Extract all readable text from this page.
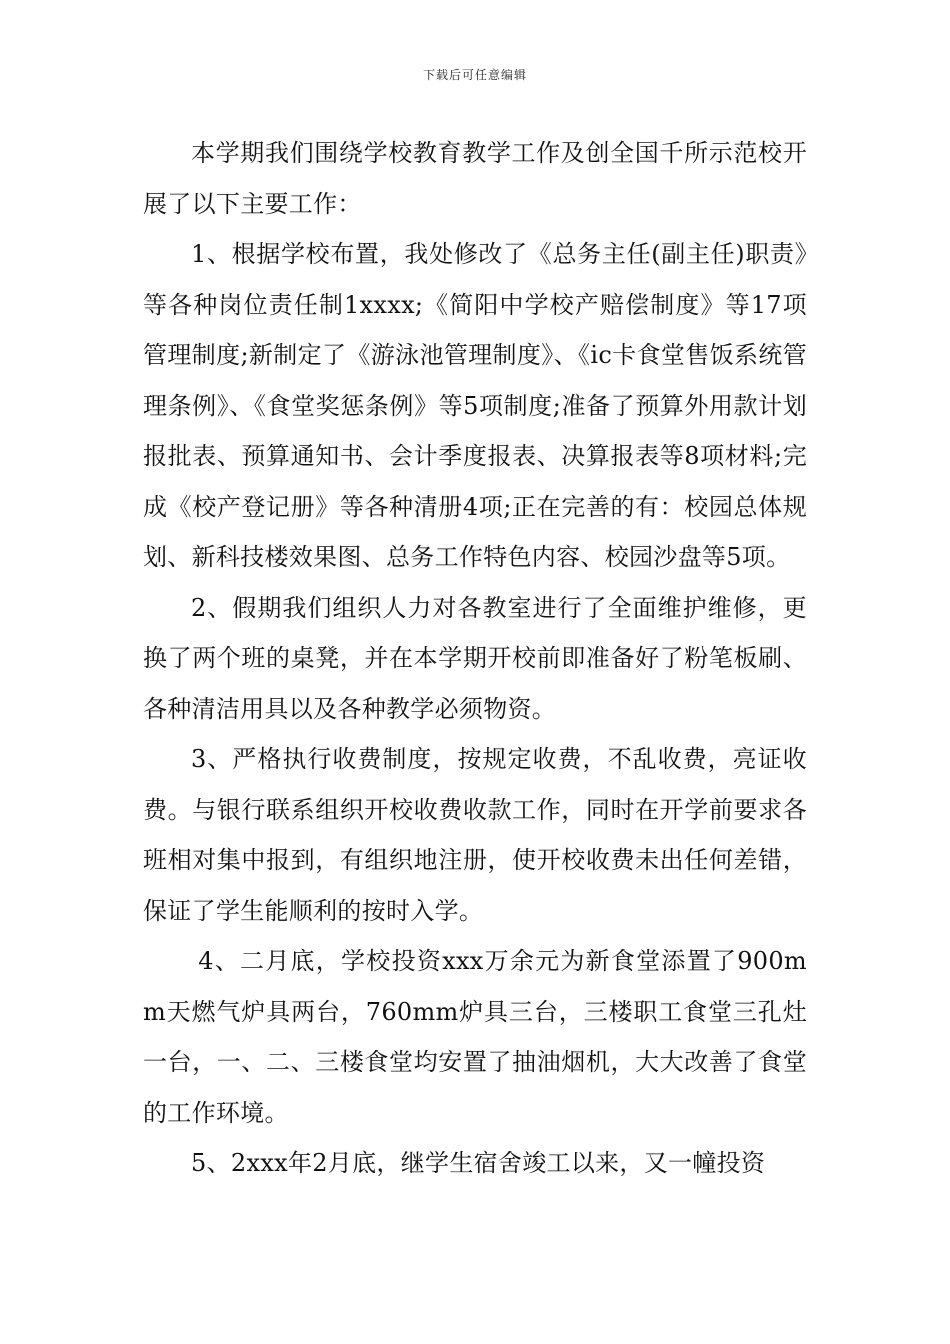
下载后可任意编辑

本学期我们围绕学校教育教学工作及创全国千所示范校开展了以下主要工作：

1、根据学校布置，我处修改了《总务主任(副主任)职责》等各种岗位责任制1xxxx;《简阳中学校产赔偿制度》等17项管理制度;新制定了《游泳池管理制度》、《ic卡食堂售饭系统管理条例》、《食堂奖惩条例》等5项制度;准备了预算外用款计划报批表、预算通知书、会计季度报表、决算报表等8项材料;完成《校产登记册》等各种清册4项;正在完善的有：校园总体规划、新科技楼效果图、总务工作特色内容、校园沙盘等5项。

2、假期我们组织人力对各教室进行了全面维护维修，更换了两个班的桌凳，并在本学期开校前即准备好了粉笔板刷、各种清洁用具以及各种教学必须物资。

3、严格执行收费制度，按规定收费，不乱收费，亮证收费。与银行联系组织开校收费收款工作，同时在开学前要求各班相对集中报到，有组织地注册，使开校收费未出任何差错，保证了学生能顺利的按时入学。

4、二月底，学校投资xxx万余元为新食堂添置了900mm天燃气炉具两台，760mm炉具三台，三楼职工食堂三孔灶一台，一、二、三楼食堂均安置了抽油烟机，大大改善了食堂的工作环境。

5、2xxx年2月底，继学生宿舍竣工以来，又一幢投资
